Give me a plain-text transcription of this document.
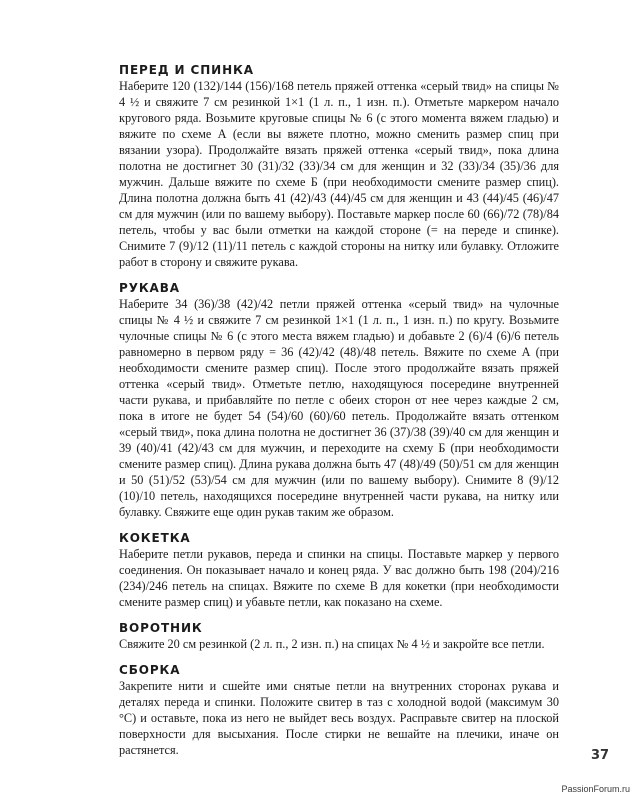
ПЕРЕД И СПИНКА

Наберите 120 (132)/144 (156)/168 петель пряжей оттенка «серый твид» на спицы № 4 ½ и свяжите 7 см резинкой 1×1 (1 л. п., 1 изн. п.). Отметьте маркером начало кругового ряда. Возьмите круговые спицы № 6 (с этого момента вяжем гладью) и вяжите по схеме А (если вы вяжете плотно, можно сменить размер спиц при вязании узора). Продолжайте вязать пряжей оттенка «серый твид», пока длина полотна не достигнет 30 (31)/32 (33)/34 см для женщин и 32 (33)/34 (35)/36 для мужчин. Дальше вяжите по схеме Б (при необходимости смените размер спиц). Длина полотна должна быть 41 (42)/43 (44)/45 см для женщин и 43 (44)/45 (46)/47 см для мужчин (или по вашему выбору). Поставьте маркер после 60 (66)/72 (78)/84 петель, чтобы у вас были отметки на каждой стороне (= на переде и спинке). Снимите 7 (9)/12 (11)/11 петель с каждой стороны на нитку или булавку. Отложите работ в сторону и свяжите рукава.

РУКАВА

Наберите 34 (36)/38 (42)/42 петли пряжей оттенка «серый твид» на чулочные спицы № 4 ½ и свяжите 7 см резинкой 1×1 (1 л. п., 1 изн. п.) по кругу. Возьмите чулочные спицы № 6 (с этого места вяжем гладью) и добавьте 2 (6)/4 (6)/6 петель равномерно в первом ряду = 36 (42)/42 (48)/48 петель. Вяжите по схеме А (при необходимости смените размер спиц). После этого продолжайте вязать пряжей оттенка «серый твид». Отметьте петлю, находящуюся посередине внутренней части рукава, и прибавляйте по петле с обеих сторон от нее через каждые 2 см, пока в итоге не будет 54 (54)/60 (60)/60 петель. Продолжайте вязать оттенком «серый твид», пока длина полотна не достигнет 36 (37)/38 (39)/40 см для женщин и 39 (40)/41 (42)/43 см для мужчин, и переходите на схему Б (при необходимости смените размер спиц). Длина рукава должна быть 47 (48)/49 (50)/51 см для женщин и 50 (51)/52 (53)/54 см для мужчин (или по вашему выбору). Снимите 8 (9)/12 (10)/10 петель, находящихся посередине внутренней части рукава, на нитку или булавку. Свяжите еще один рукав таким же образом.

КОКЕТКА

Наберите петли рукавов, переда и спинки на спицы. Поставьте маркер у первого соединения. Он показывает начало и конец ряда. У вас должно быть 198 (204)/216 (234)/246 петель на спицах. Вяжите по схеме В для кокетки (при необходимости смените размер спиц) и убавьте петли, как показано на схеме.

ВОРОТНИК

Свяжите 20 см резинкой (2 л. п., 2 изн. п.) на спицах № 4 ½ и закройте все петли.

СБОРКА

Закрепите нити и сшейте ими снятые петли на внутренних сторонах рукава и деталях переда и спинки. Положите свитер в таз с холодной водой (максимум 30 °С) и оставьте, пока из него не выйдет весь воздух. Расправьте свитер на плоской поверхности для высыхания. После стирки не вешайте на плечики, иначе он растянется.	37
PassionForum.ru
